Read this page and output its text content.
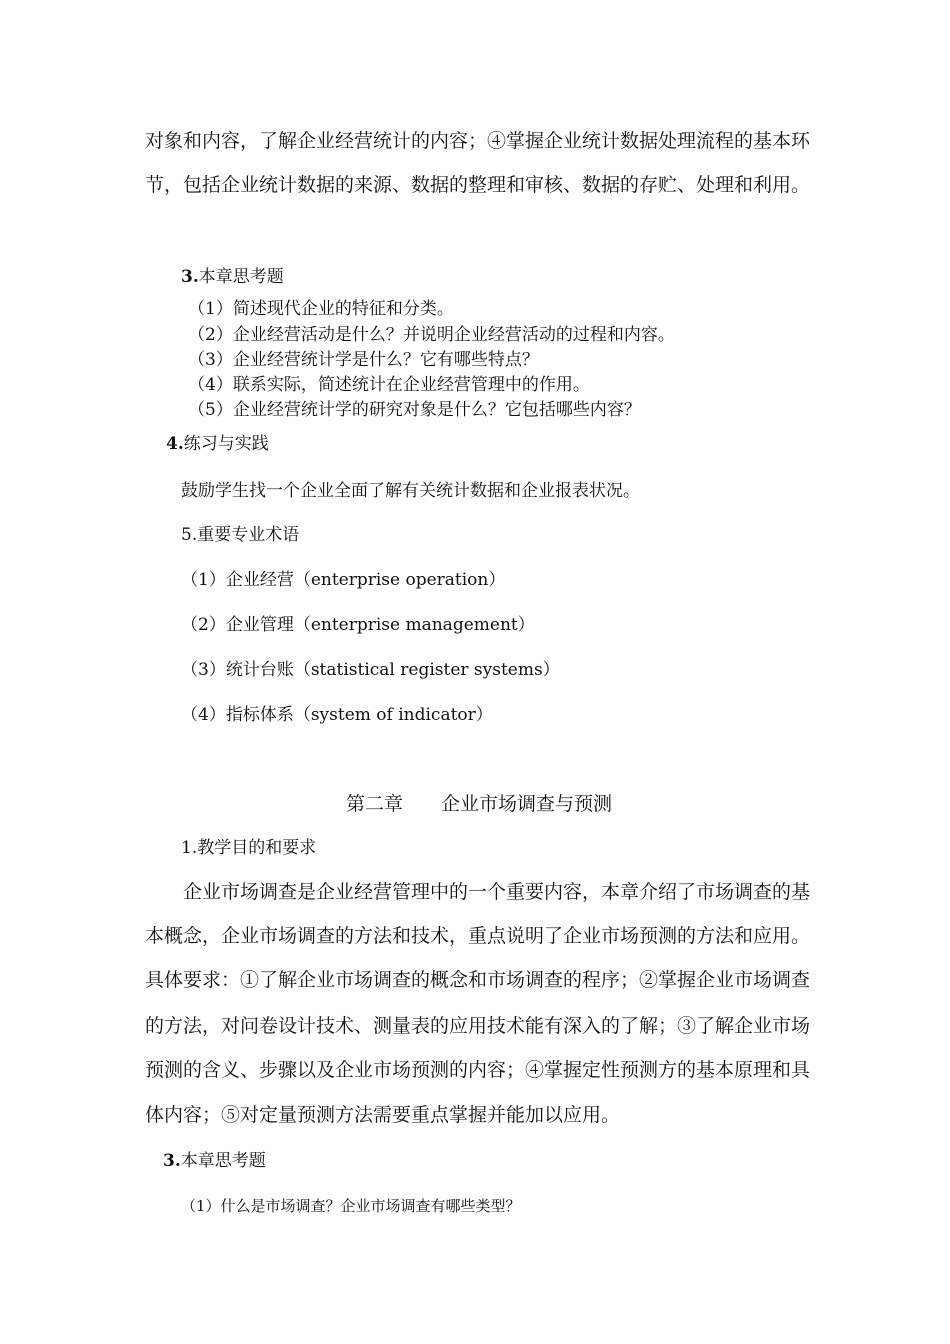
对象和内容，了解企业经营统计的内容；④掌握企业统计数据处理流程的基本环
节，包括企业统计数据的来源、数据的整理和审核、数据的存贮、处理和利用。
3.本章思考题
（1）简述现代企业的特征和分类。
（2）企业经营活动是什么？并说明企业经营活动的过程和内容。
（3）企业经营统计学是什么？它有哪些特点？
（4）联系实际，简述统计在企业经营管理中的作用。
（5）企业经营统计学的研究对象是什么？它包括哪些内容？
4.练习与实践
鼓励学生找一个企业全面了解有关统计数据和企业报表状况。
5.重要专业术语
（1）企业经营（enterprise operation）
（2）企业管理（enterprise management）
（3）统计台账（statistical register systems）
（4）指标体系（system of indicator）
第二章　　企业市场调查与预测
1.教学目的和要求
企业市场调查是企业经营管理中的一个重要内容，本章介绍了市场调查的基
本概念，企业市场调查的方法和技术，重点说明了企业市场预测的方法和应用。
具体要求：①了解企业市场调查的概念和市场调查的程序；②掌握企业市场调查
的方法，对问卷设计技术、测量表的应用技术能有深入的了解；③了解企业市场
预测的含义、步骤以及企业市场预测的内容；④掌握定性预测方的基本原理和具
体内容；⑤对定量预测方法需要重点掌握并能加以应用。
3.本章思考题
（1）什么是市场调查？企业市场调查有哪些类型？
